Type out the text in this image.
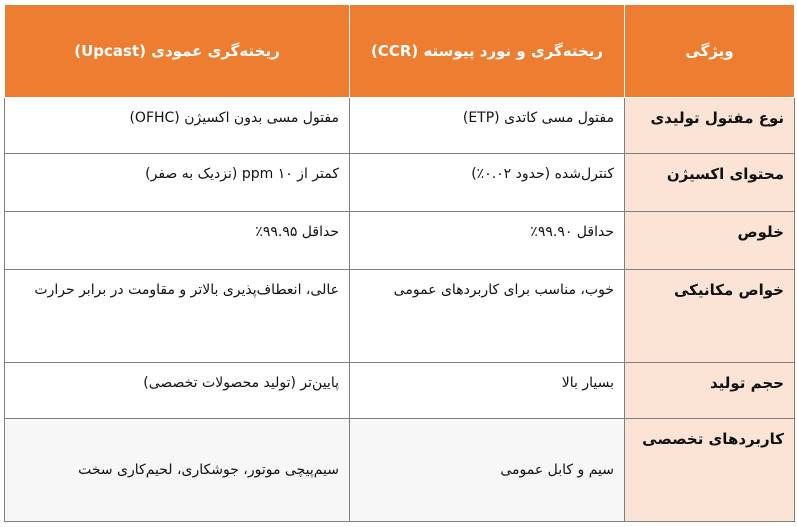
ویژگی	ریخته‌گری و نورد پیوسته (CCR)	ریخته‌گری عمودی (Upcast)
نوع مفتول تولیدی	مفتول مسی کاتدی (ETP)	مفتول مسی بدون اکسیژن (OFHC)
محتوای اکسیژن	کنترل‌شده (حدود ۰.۰۲٪)	کمتر از ۱۰ ppm (نزدیک به صفر)
خلوص	حداقل ۹۹.۹۰٪	حداقل ۹۹.۹۵٪
خواص مکانیکی	خوب، مناسب برای کاربردهای عمومی	عالی، انعطاف‌پذیری بالاتر و مقاومت در برابر حرارت
حجم تولید	بسیار بالا	پایین‌تر (تولید محصولات تخصصی)
کاربردهای تخصصی	سیم و کابل عمومی	سیم‌پیچی موتور، جوشکاری، لحیم‌کاری سخت
